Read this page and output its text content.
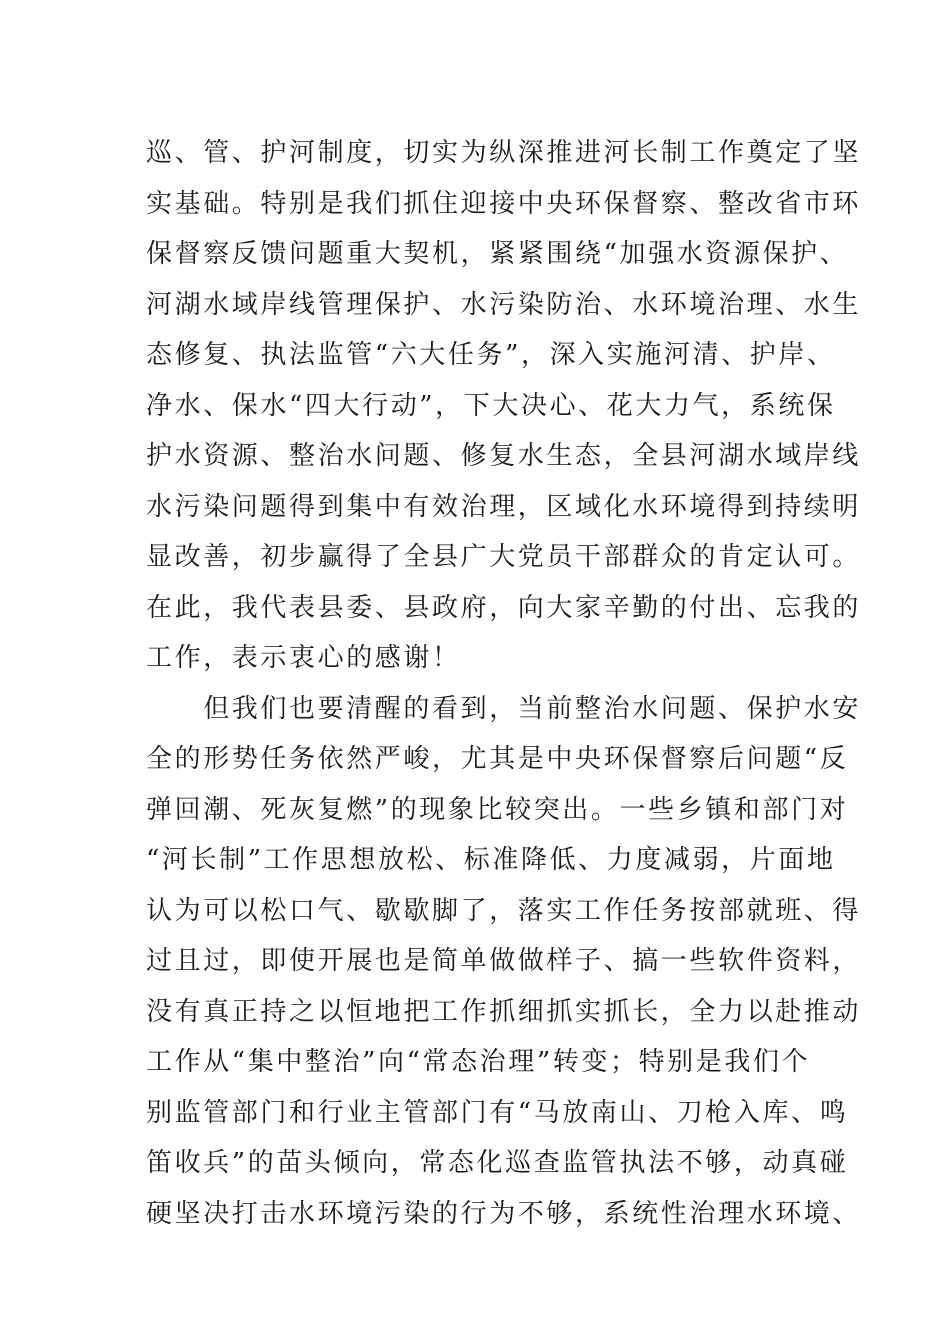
巡、管、护河制度，切实为纵深推进河长制工作奠定了坚
实基础。特别是我们抓住迎接中央环保督察、整改省市环
保督察反馈问题重大契机，紧紧围绕“加强水资源保护、
河湖水域岸线管理保护、水污染防治、水环境治理、水生
态修复、执法监管“六大任务”，深入实施河清、护岸、
净水、保水“四大行动”，下大决心、花大力气，系统保
护水资源、整治水问题、修复水生态，全县河湖水域岸线
水污染问题得到集中有效治理，区域化水环境得到持续明
显改善，初步赢得了全县广大党员干部群众的肯定认可。
在此，我代表县委、县政府，向大家辛勤的付出、忘我的
工作，表示衷心的感谢！
　　但我们也要清醒的看到，当前整治水问题、保护水安
全的形势任务依然严峻，尤其是中央环保督察后问题“反
弹回潮、死灰复燃”的现象比较突出。一些乡镇和部门对
“河长制”工作思想放松、标准降低、力度减弱，片面地
认为可以松口气、歇歇脚了，落实工作任务按部就班、得
过且过，即使开展也是简单做做样子、搞一些软件资料，
没有真正持之以恒地把工作抓细抓实抓长，全力以赴推动
工作从“集中整治”向“常态治理”转变；特别是我们个
别监管部门和行业主管部门有“马放南山、刀枪入库、鸣
笛收兵”的苗头倾向，常态化巡查监管执法不够，动真碰
硬坚决打击水环境污染的行为不够，系统性治理水环境、
